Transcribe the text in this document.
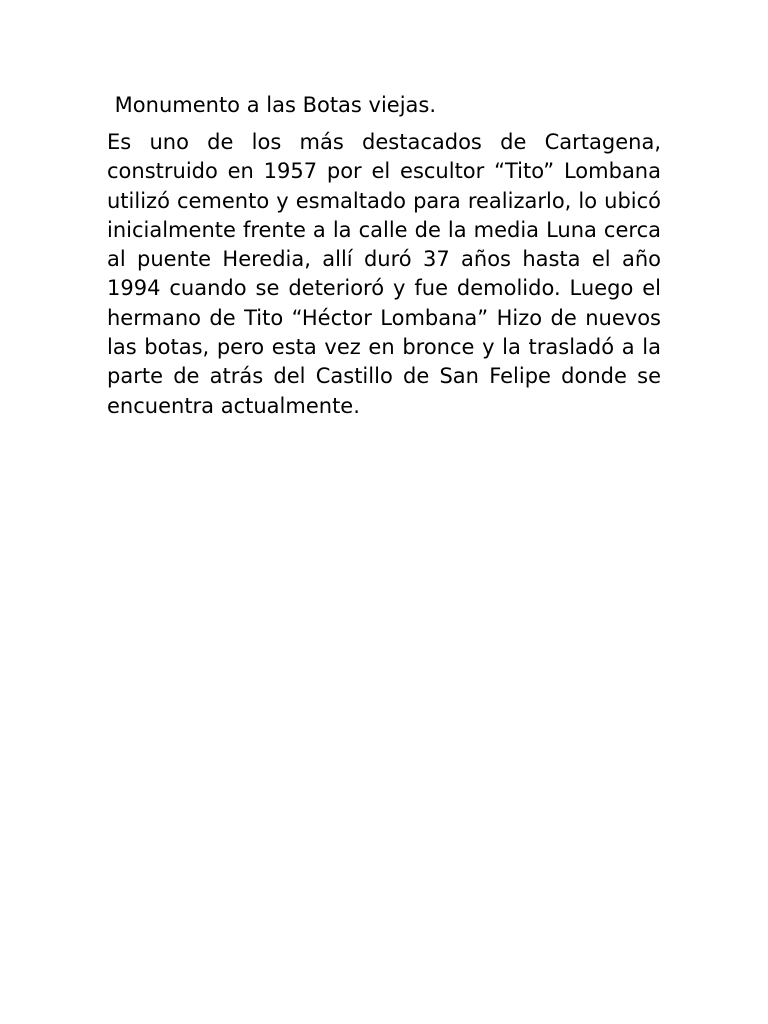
Monumento a las Botas viejas.

Es uno de los más destacados de Cartagena, construido en 1957 por el escultor “Tito” Lombana utilizó cemento y esmaltado para realizarlo, lo ubicó inicialmente frente a la calle de la media Luna cerca al puente Heredia, allí duró 37 años hasta el año 1994 cuando se deterioró y fue demolido. Luego el hermano de Tito “Héctor Lombana” Hizo de nuevos las botas, pero esta vez en bronce y la trasladó a la parte de atrás del Castillo de San Felipe donde se encuentra actualmente.
